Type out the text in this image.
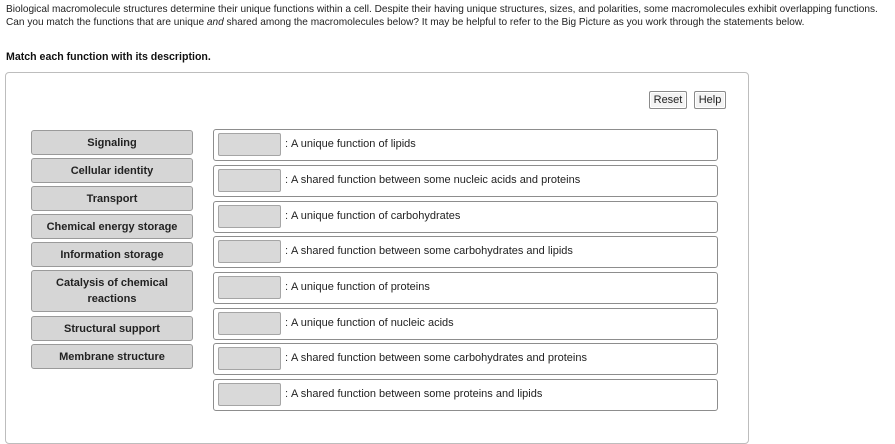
Biological macromolecule structures determine their unique functions within a cell. Despite their having unique structures, sizes, and polarities, some macromolecules exhibit overlapping functions. Can you match the functions that are unique and shared among the macromolecules below? It may be helpful to refer to the Big Picture as you work through the statements below.
Match each function with its description.
Reset	Help
Signaling
Cellular identity
Transport
Chemical energy storage
Information storage
Catalysis of chemical reactions
Structural support
Membrane structure
: A unique function of lipids
: A shared function between some nucleic acids and proteins
: A unique function of carbohydrates
: A shared function between some carbohydrates and lipids
: A unique function of proteins
: A unique function of nucleic acids
: A shared function between some carbohydrates and proteins
: A shared function between some proteins and lipids
